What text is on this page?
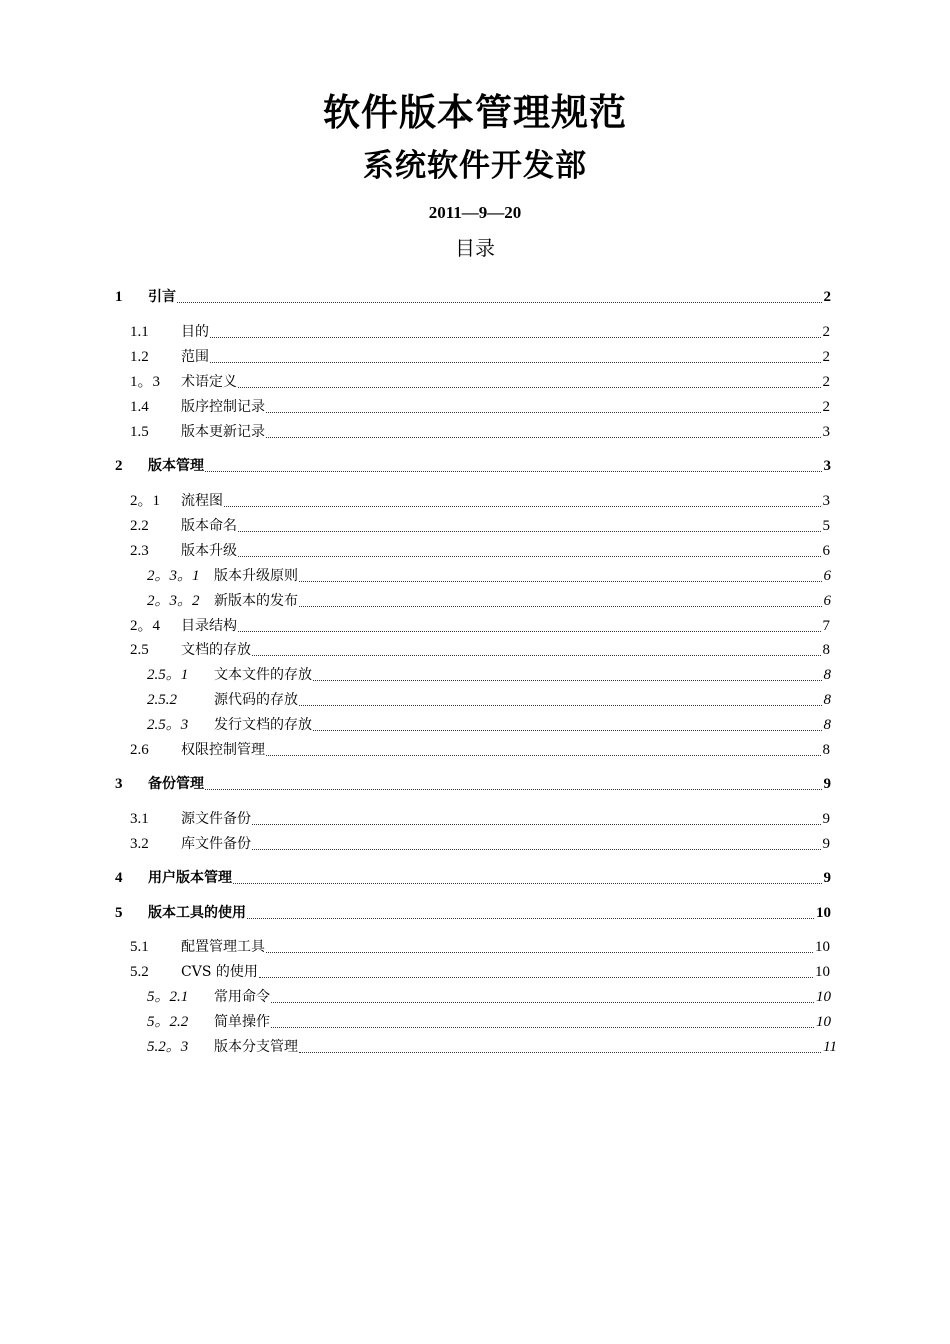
软件版本管理规范
系统软件开发部
2011—9—20
目录
1	引言	2
1.1	目的	2
1.2	范围	2
1。3	术语定义	2
1.4	版序控制记录	2
1.5	版本更新记录	3
2	版本管理	3
2。1	流程图	3
2.2	版本命名	5
2.3	版本升级	6
2。3。1	版本升级原则	6
2。3。2	新版本的发布	6
2。4	目录结构	7
2.5	文档的存放	8
2.5。1	文本文件的存放	8
2.5.2	源代码的存放	8
2.5。3	发行文档的存放	8
2.6	权限控制管理	8
3	备份管理	9
3.1	源文件备份	9
3.2	库文件备份	9
4	用户版本管理	9
5	版本工具的使用	10
5.1	配置管理工具	10
5.2	CVS 的使用	10
5。2.1	常用命令	10
5。2.2	简单操作	10
5.2。3	版本分支管理	11
